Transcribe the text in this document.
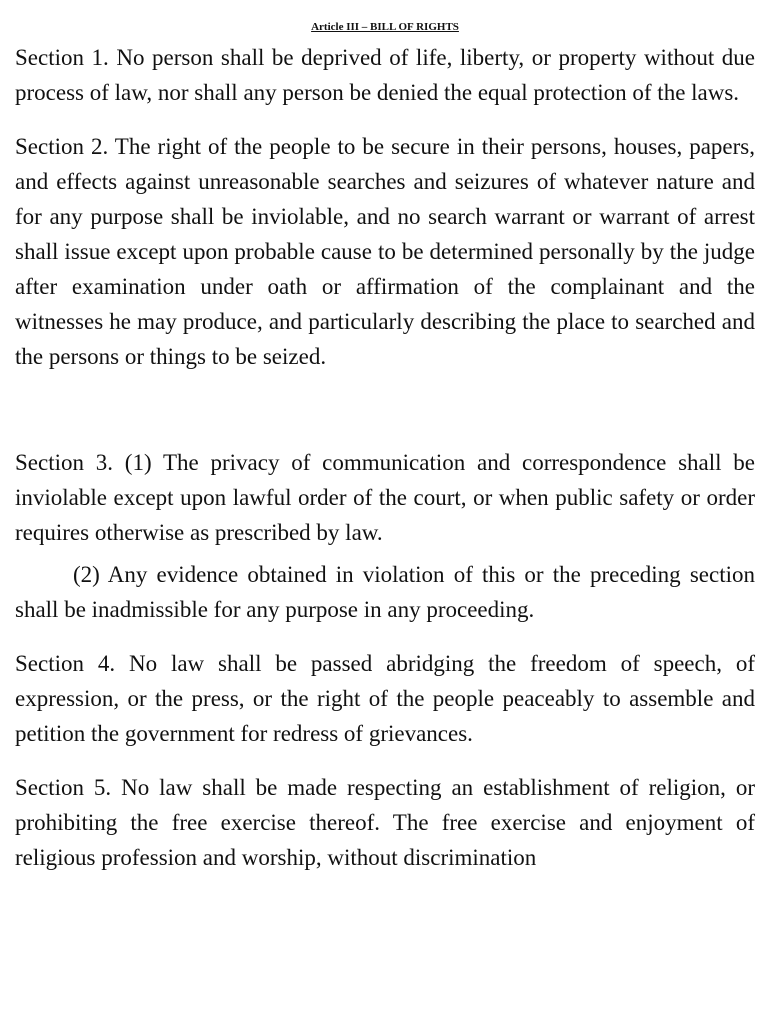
Article III – BILL OF RIGHTS

Section 1. No person shall be deprived of life, liberty, or property without due process of law, nor shall any person be denied the equal protection of the laws.

Section 2. The right of the people to be secure in their persons, houses, papers, and effects against unreasonable searches and seizures of whatever nature and for any purpose shall be inviolable, and no search warrant or warrant of arrest shall issue except upon probable cause to be determined personally by the judge after examination under oath or affirmation of the complainant and the witnesses he may produce, and particularly describing the place to searched and the persons or things to be seized.

Section 3. (1) The privacy of communication and correspondence shall be inviolable except upon lawful order of the court, or when public safety or order requires otherwise as prescribed by law.

(2) Any evidence obtained in violation of this or the preceding section shall be inadmissible for any purpose in any proceeding.

Section 4. No law shall be passed abridging the freedom of speech, of expression, or the press, or the right of the people peaceably to assemble and petition the government for redress of grievances.

Section 5. No law shall be made respecting an establishment of religion, or prohibiting the free exercise thereof. The free exercise and enjoyment of religious profession and worship, without discrimination
